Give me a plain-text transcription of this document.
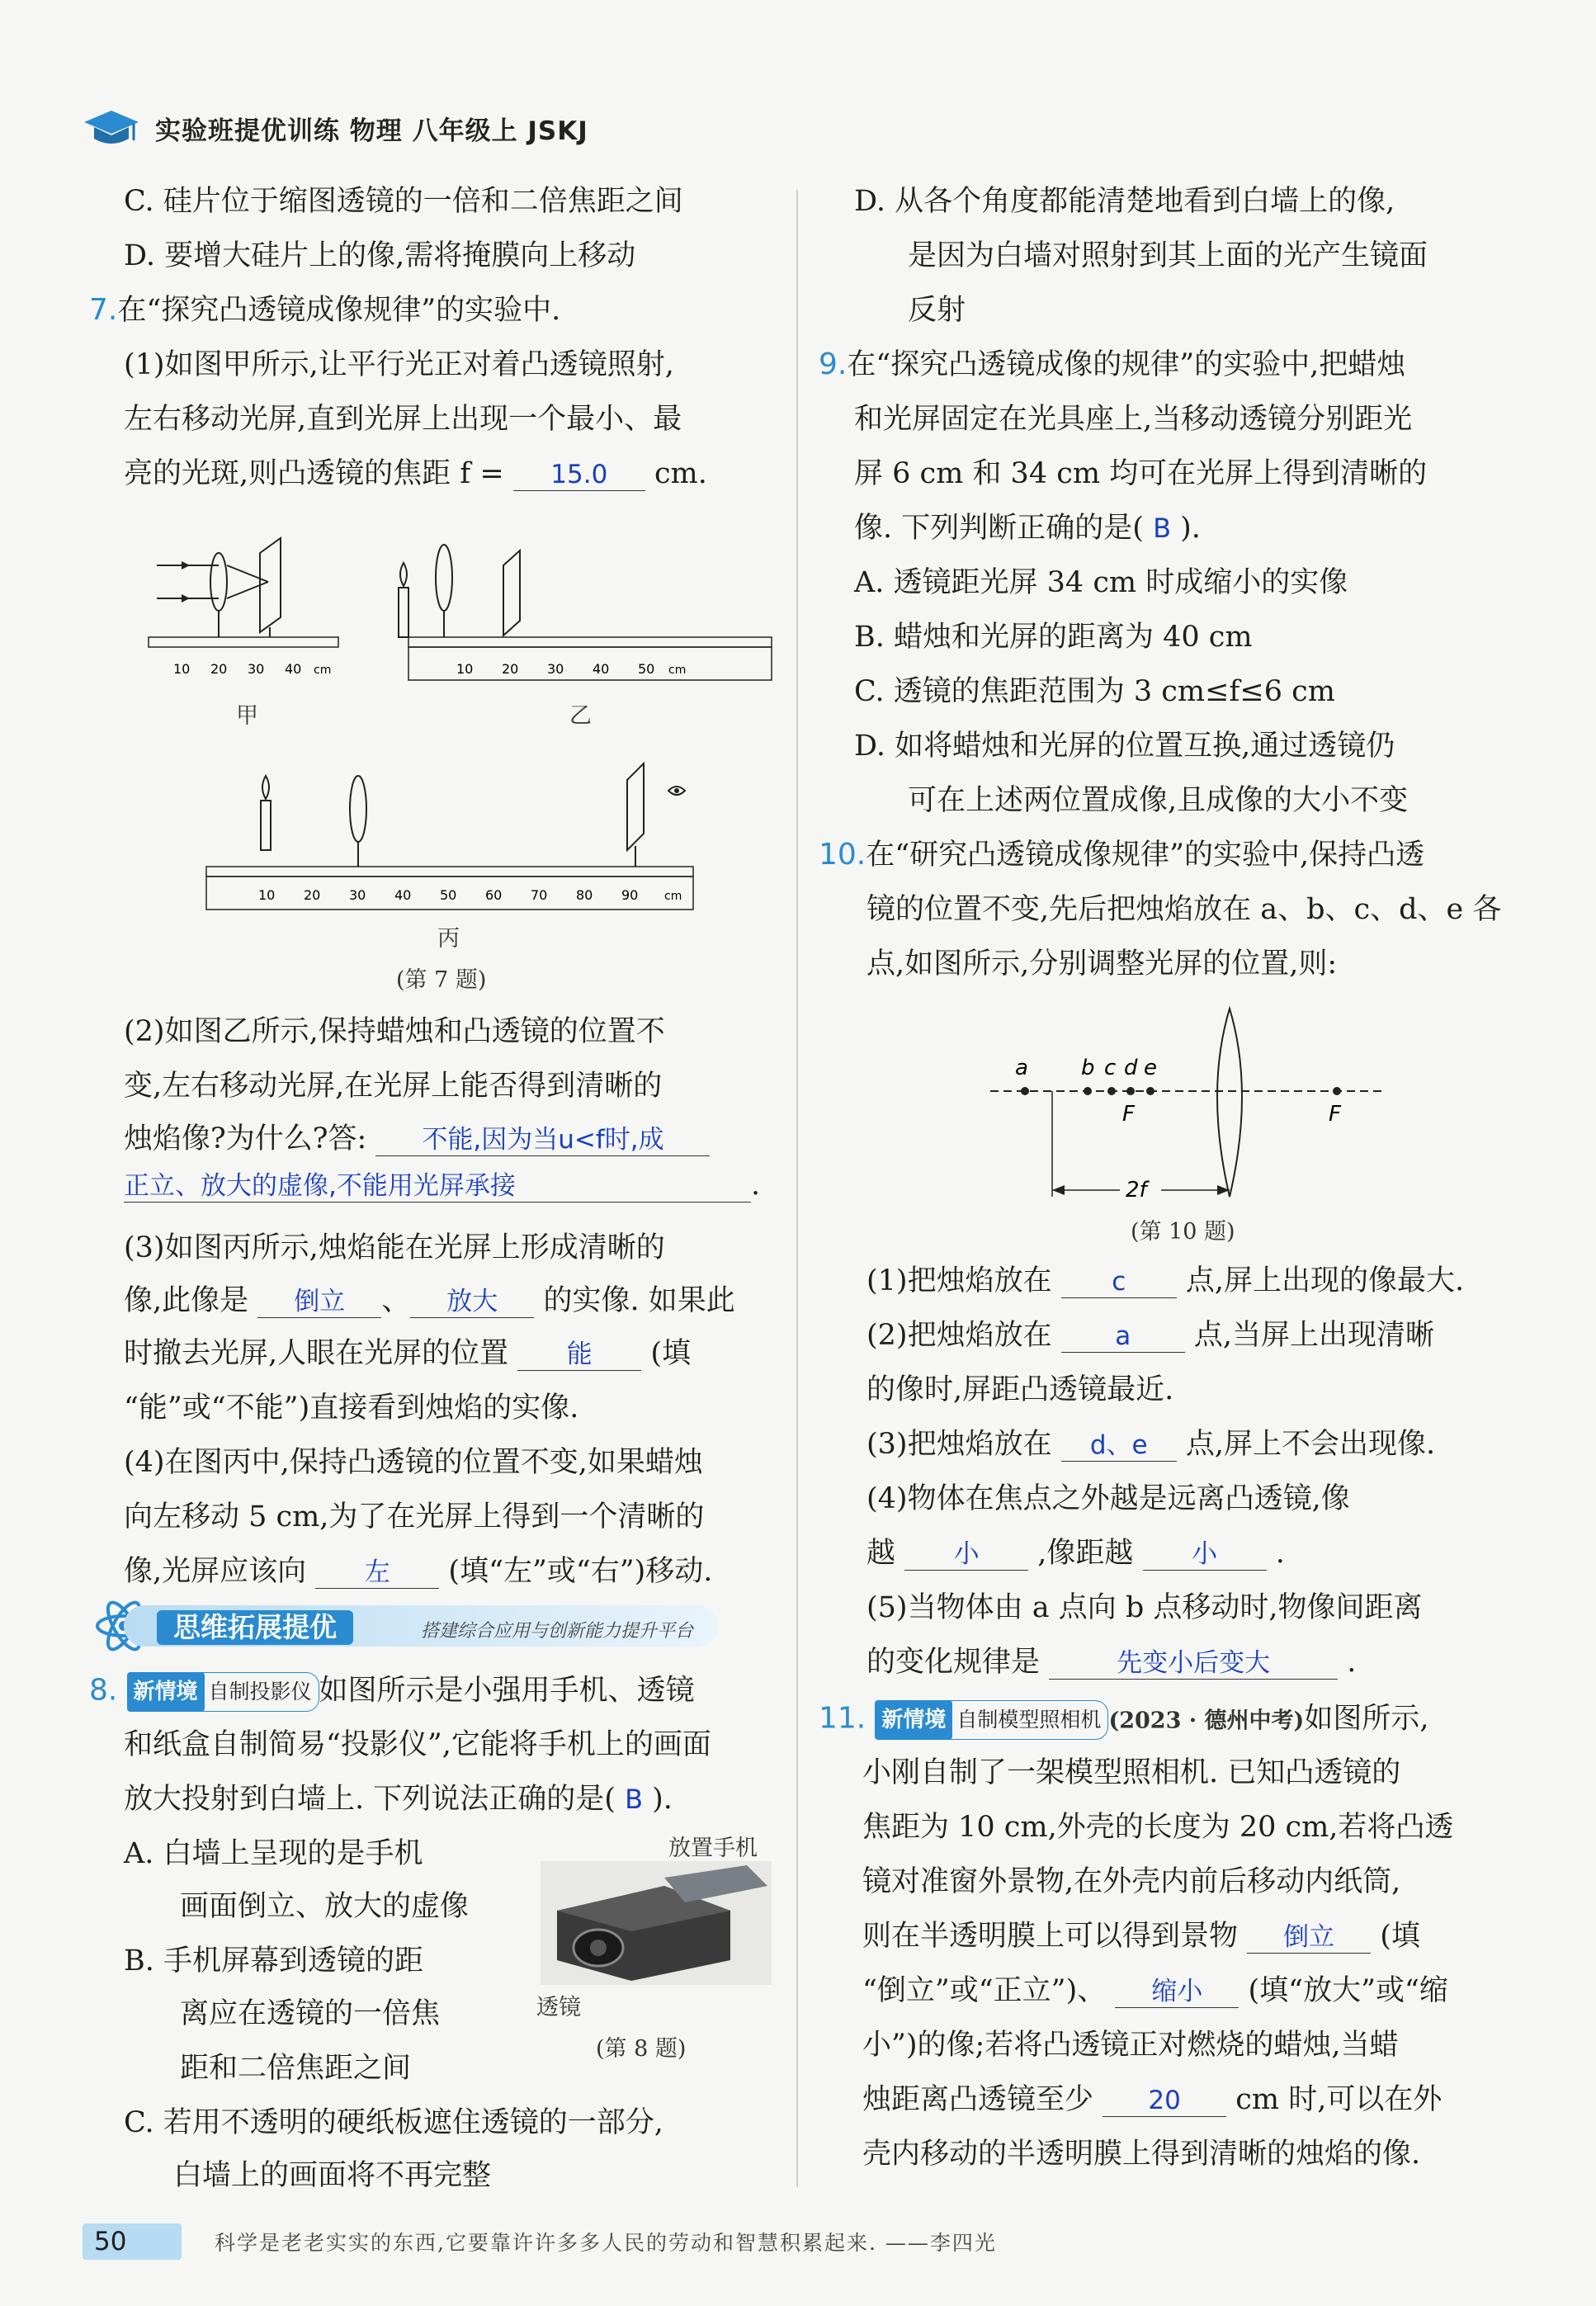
实验班提优训练 物理 八年级上 JSKJ
C. 硅片位于缩图透镜的一倍和二倍焦距之间
D. 要增大硅片上的像,需将掩膜向上移动
7.在“探究凸透镜成像规律”的实验中.
(1)如图甲所示,让平行光正对着凸透镜照射,
左右移动光屏,直到光屏上出现一个最小、最
亮的光斑,则凸透镜的焦距 f = 15.0 cm.
10 20 30 40 cm	10 20 30 40 50 cm
10 20 30 40 50 60 70 80 90 cm
甲	乙
丙
(第 7 题)
(2)如图乙所示,保持蜡烛和凸透镜的位置不
变,左右移动光屏,在光屏上能否得到清晰的
烛焰像?为什么?答: 不能,因为当u<f时,成
正立、放大的虚像,不能用光屏承接	.
(3)如图丙所示,烛焰能在光屏上形成清晰的
像,此像是 倒立 、 放大 的实像. 如果此
时撤去光屏,人眼在光屏的位置 能 (填
“能”或“不能”)直接看到烛焰的实像.
(4)在图丙中,保持凸透镜的位置不变,如果蜡烛
向左移动 5 cm,为了在光屏上得到一个清晰的
像,光屏应该向 左 (填“左”或“右”)移动.
思维拓展提优	搭建综合应用与创新能力提升平台
8. 新情境 自制投影仪 如图所示是小强用手机、透镜
和纸盒自制简易“投影仪”,它能将手机上的画面
放大投射到白墙上. 下列说法正确的是( B ).
A. 白墙上呈现的是手机
画面倒立、放大的虚像
B. 手机屏幕到透镜的距
离应在透镜的一倍焦
距和二倍焦距之间
放置手机
透镜
(第 8 题)
C. 若用不透明的硬纸板遮住透镜的一部分,
白墙上的画面将不再完整
D. 从各个角度都能清楚地看到白墙上的像,
是因为白墙对照射到其上面的光产生镜面
反射
9.在“探究凸透镜成像的规律”的实验中,把蜡烛
和光屏固定在光具座上,当移动透镜分别距光
屏 6 cm 和 34 cm 均可在光屏上得到清晰的
像. 下列判断正确的是( B ).
A. 透镜距光屏 34 cm 时成缩小的实像
B. 蜡烛和光屏的距离为 40 cm
C. 透镜的焦距范围为 3 cm≤f≤6 cm
D. 如将蜡烛和光屏的位置互换,通过透镜仍
可在上述两位置成像,且成像的大小不变
10.在“研究凸透镜成像规律”的实验中,保持凸透
镜的位置不变,先后把烛焰放在 a、b、c、d、e 各
点,如图所示,分别调整光屏的位置,则:
a b c d e
F	F
2f
(第 10 题)
(1)把烛焰放在 c 点,屏上出现的像最大.
(2)把烛焰放在 a 点,当屏上出现清晰
的像时,屏距凸透镜最近.
(3)把烛焰放在 d、e 点,屏上不会出现像.
(4)物体在焦点之外越是远离凸透镜,像
越 小 ,像距越 小 .
(5)当物体由 a 点向 b 点移动时,物像间距离
的变化规律是	先变小后变大	.
11. 新情境 自制模型照相机 (2023 · 德州中考)如图所示,
小刚自制了一架模型照相机. 已知凸透镜的
焦距为 10 cm,外壳的长度为 20 cm,若将凸透
镜对准窗外景物,在外壳内前后移动内纸筒,
则在半透明膜上可以得到景物 倒立 (填
“倒立”或“正立”)、 缩小 (填“放大”或“缩
小”)的像;若将凸透镜正对燃烧的蜡烛,当蜡
烛距离凸透镜至少 20 cm 时,可以在外
壳内移动的半透明膜上得到清晰的烛焰的像.
50	科学是老老实实的东西,它要靠许许多多人民的劳动和智慧积累起来. ——李四光
